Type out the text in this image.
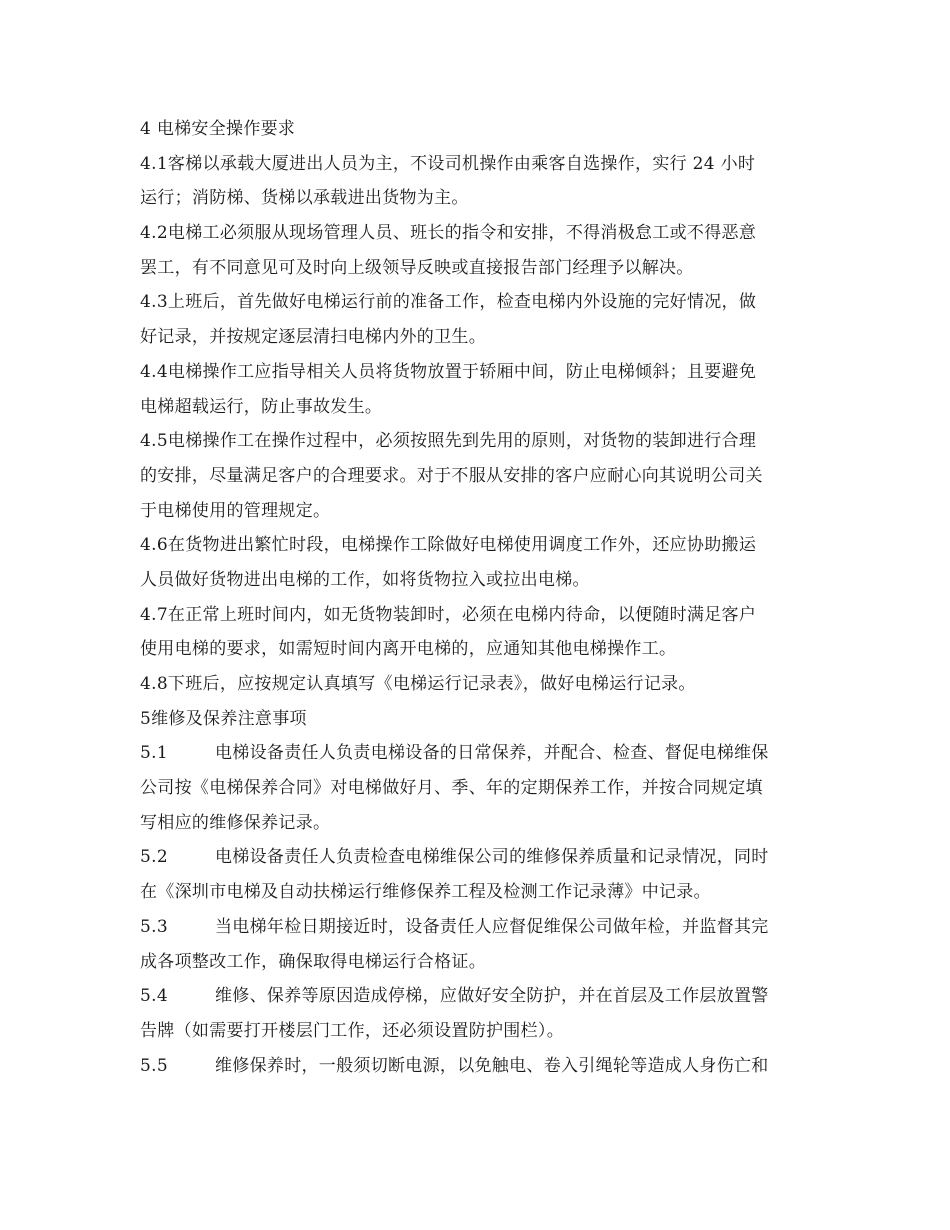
4 电梯安全操作要求
4.1客梯以承载大厦进出人员为主，不设司机操作由乘客自选操作，实行 24 小时
运行；消防梯、货梯以承载进出货物为主。
4.2电梯工必须服从现场管理人员、班长的指令和安排，不得消极怠工或不得恶意
罢工，有不同意见可及时向上级领导反映或直接报告部门经理予以解决。
4.3上班后，首先做好电梯运行前的准备工作，检查电梯内外设施的完好情况，做
好记录，并按规定逐层清扫电梯内外的卫生。
4.4电梯操作工应指导相关人员将货物放置于轿厢中间，防止电梯倾斜；且要避免
电梯超载运行，防止事故发生。
4.5电梯操作工在操作过程中，必须按照先到先用的原则，对货物的装卸进行合理
的安排，尽量满足客户的合理要求。对于不服从安排的客户应耐心向其说明公司关
于电梯使用的管理规定。
4.6在货物进出繁忙时段，电梯操作工除做好电梯使用调度工作外，还应协助搬运
人员做好货物进出电梯的工作，如将货物拉入或拉出电梯。
4.7在正常上班时间内，如无货物装卸时，必须在电梯内待命，以便随时满足客户
使用电梯的要求，如需短时间内离开电梯的，应通知其他电梯操作工。
4.8下班后，应按规定认真填写《电梯运行记录表》，做好电梯运行记录。
5维修及保养注意事项
5.1	电梯设备责任人负责电梯设备的日常保养，并配合、检查、督促电梯维保
公司按《电梯保养合同》对电梯做好月、季、年的定期保养工作，并按合同规定填
写相应的维修保养记录。
5.2	电梯设备责任人负责检查电梯维保公司的维修保养质量和记录情况，同时
在《深圳市电梯及自动扶梯运行维修保养工程及检测工作记录薄》中记录。
5.3	当电梯年检日期接近时，设备责任人应督促维保公司做年检，并监督其完
成各项整改工作，确保取得电梯运行合格证。
5.4	维修、保养等原因造成停梯，应做好安全防护，并在首层及工作层放置警
告牌（如需要打开楼层门工作，还必须设置防护围栏）。
5.5	维修保养时，一般须切断电源，以免触电、卷入引绳轮等造成人身伤亡和
